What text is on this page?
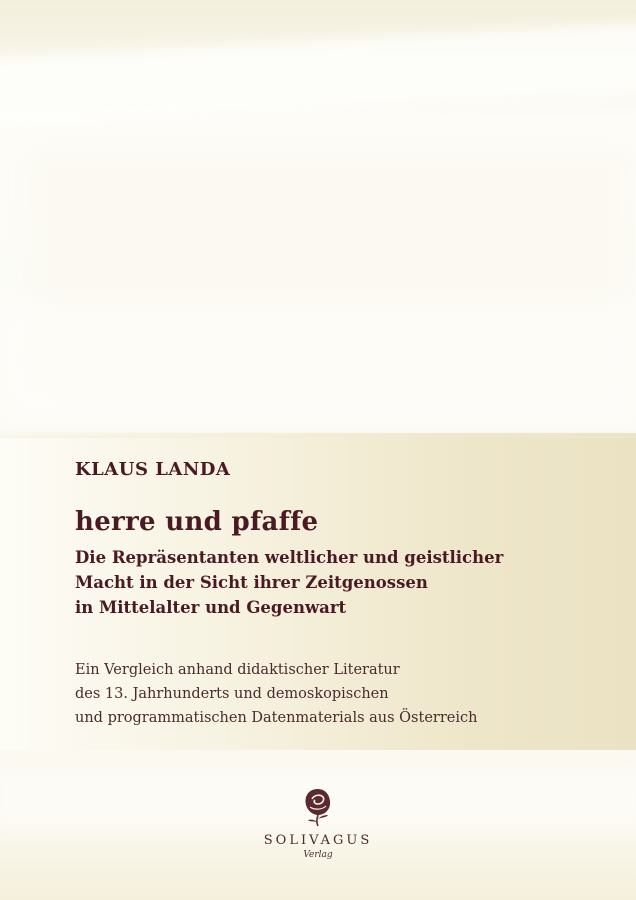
KLAUS LANDA
herre und pfaffe
Die Repräsentanten weltlicher und geistlicher
Macht in der Sicht ihrer Zeitgenossen
in Mittelalter und Gegenwart
Ein Vergleich anhand didaktischer Literatur
des 13. Jahrhunderts und demoskopischen
und programmatischen Datenmaterials aus Österreich
SOLIVAGUS
Verlag
